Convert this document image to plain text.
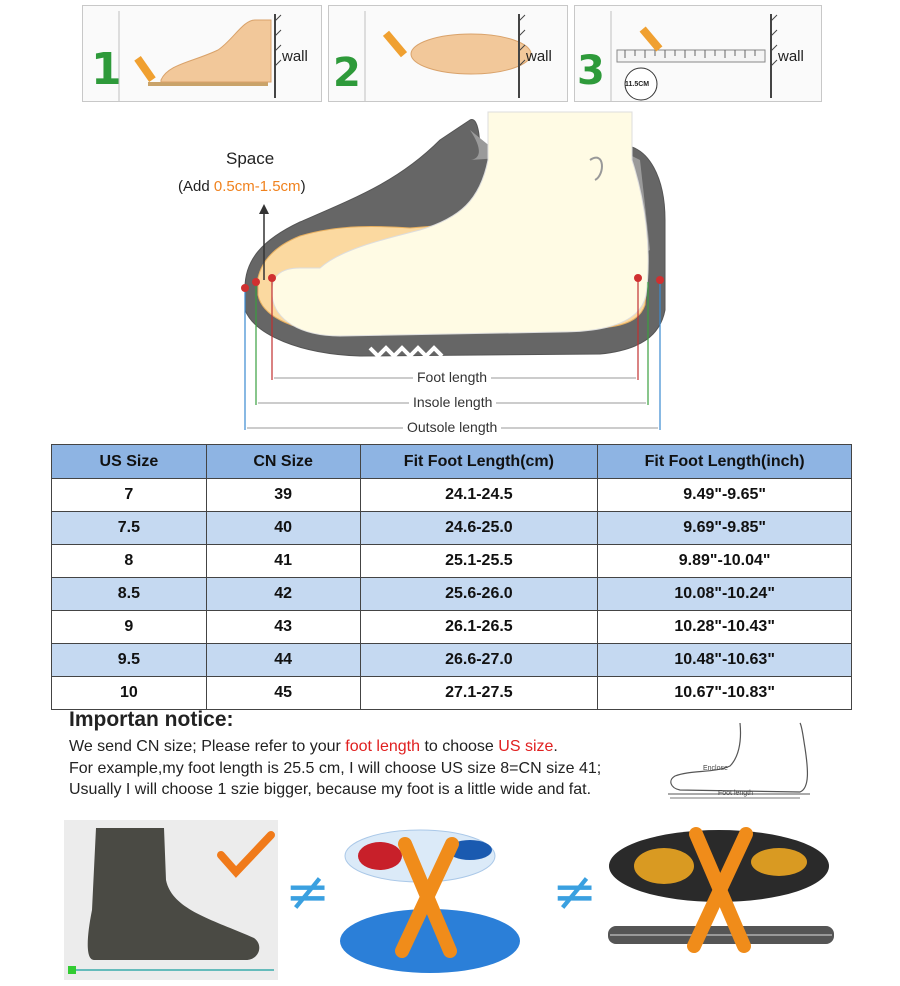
1	wall 2	wall 3	11.5CM
wall
Space
(Add 0.5cm-1.5cm)
Foot length
Insole length
Outsole length
US Size	CN Size	Fit Foot Length(cm)	Fit Foot Length(inch)
7	39	24.1-24.5	9.49"-9.65"
7.5	40	24.6-25.0	9.69"-9.85"
8	41	25.1-25.5	9.89"-10.04"
8.5	42	25.6-26.0	10.08"-10.24"
9	43	26.1-26.5	10.28"-10.43"
9.5	44	26.6-27.0	10.48"-10.63"
10	45	27.1-27.5	10.67"-10.83"
Importan notice:
We send CN size; Please refer to your foot length to choose US size.
For example,my foot length is 25.5 cm, I will choose US size 8=CN size 41;
Usually I will choose 1 szie bigger, because my foot is a little wide and fat.
Enclose
Foot length
≠	≠
